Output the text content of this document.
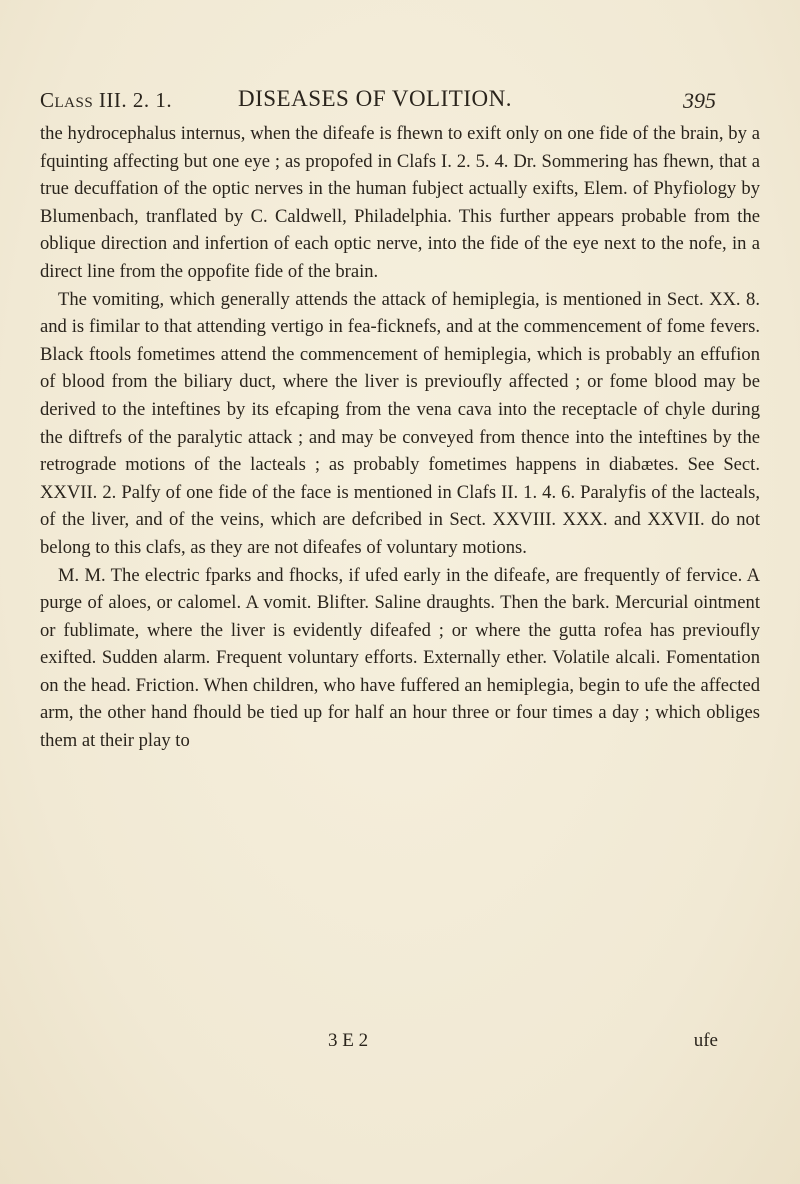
Class III. 2. 1.	DISEASES OF VOLITION.	395

the hydrocephalus internus, when the difeafe is fhewn to exift only on one fide of the brain, by a fquinting affecting but one eye ; as propofed in Clafs I. 2. 5. 4. Dr. Sommering has fhewn, that a true decuffation of the optic nerves in the human fubject actually exifts, Elem. of Phyfiology by Blumenbach, tranflated by C. Caldwell, Philadelphia. This further appears probable from the oblique direction and infertion of each optic nerve, into the fide of the eye next to the nofe, in a direct line from the oppofite fide of the brain.

The vomiting, which generally attends the attack of hemiplegia, is mentioned in Sect. XX. 8. and is fimilar to that attending vertigo in fea-ficknefs, and at the commencement of fome fevers. Black ftools fometimes attend the commencement of hemiplegia, which is probably an effufion of blood from the biliary duct, where the liver is previoufly affected ; or fome blood may be derived to the inteftines by its efcaping from the vena cava into the receptacle of chyle during the diftrefs of the paralytic attack ; and may be conveyed from thence into the inteftines by the retrograde motions of the lacteals ; as probably fometimes happens in diabætes. See Sect. XXVII. 2. Palfy of one fide of the face is mentioned in Clafs II. 1. 4. 6. Paralyfis of the lacteals, of the liver, and of the veins, which are defcribed in Sect. XXVIII. XXX. and XXVII. do not belong to this clafs, as they are not difeafes of voluntary motions.

M. M. The electric fparks and fhocks, if ufed early in the difeafe, are frequently of fervice. A purge of aloes, or calomel. A vomit. Blifter. Saline draughts. Then the bark. Mercurial ointment or fublimate, where the liver is evidently difeafed ; or where the gutta rofea has previoufly exifted. Sudden alarm. Frequent voluntary efforts. Externally ether. Volatile alcali. Fomentation on the head. Friction. When children, who have fuffered an hemiplegia, begin to ufe the affected arm, the other hand fhould be tied up for half an hour three or four times a day ; which obliges them at their play to

3 E 2	ufe
